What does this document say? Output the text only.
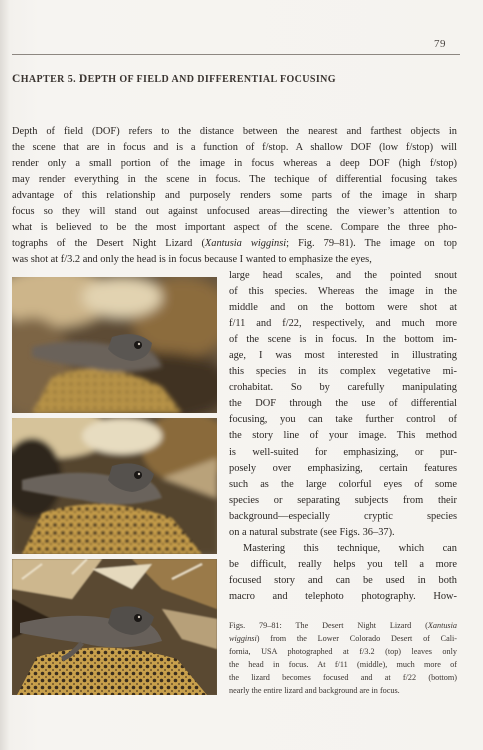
79
CHAPTER 5. DEPTH OF FIELD AND DIFFERENTIAL FOCUSING
Depth of field (DOF) refers to the distance between the nearest and farthest objects in
the scene that are in focus and is a function of f/stop. A shallow DOF (low f/stop) will
render only a small portion of the image in focus whereas a deep DOF (high f/stop)
may render everything in the scene in focus. The techique of differential focusing takes
advantage of this relationship and purposely renders some parts of the image in sharp
focus so they will stand out against unfocused areas—directing the viewer’s attention to
what is believed to be the most important aspect of the scene. Compare the three pho-
tographs of the Desert Night Lizard (Xantusia wigginsi; Fig. 79–81). The image on top
was shot at f/3.2 and only the head is in focus because I wanted to emphasize the eyes,
large head scales, and the pointed snout
of this species. Whereas the image in the
middle and on the bottom were shot at
f/11 and f/22, respectively, and much more
of the scene is in focus. In the bottom im-
age, I was most interested in illustrating
this species in its complex vegetative mi-
crohabitat. So by carefully manipulating
the DOF through the use of differential
focusing, you can take further control of
the story line of your image. This method
is well-suited for emphasizing, or pur-
posely over emphasizing, certain features
such as the large colorful eyes of some
species or separating subjects from their
background—especially cryptic species
on a natural substrate (see Figs. 36–37).
Mastering this technique, which can
be difficult, really helps you tell a more
focused story and can be used in both
macro and telephoto photography. How-
Figs. 79–81: The Desert Night Lizard (Xantusia
wigginsi) from the Lower Colorado Desert of Cali-
fornia, USA photographed at f/3.2 (top) leaves only
the head in focus. At f/11 (middle), much more of
the lizard becomes focused and at f/22 (bottom)
nearly the entire lizard and background are in focus.
